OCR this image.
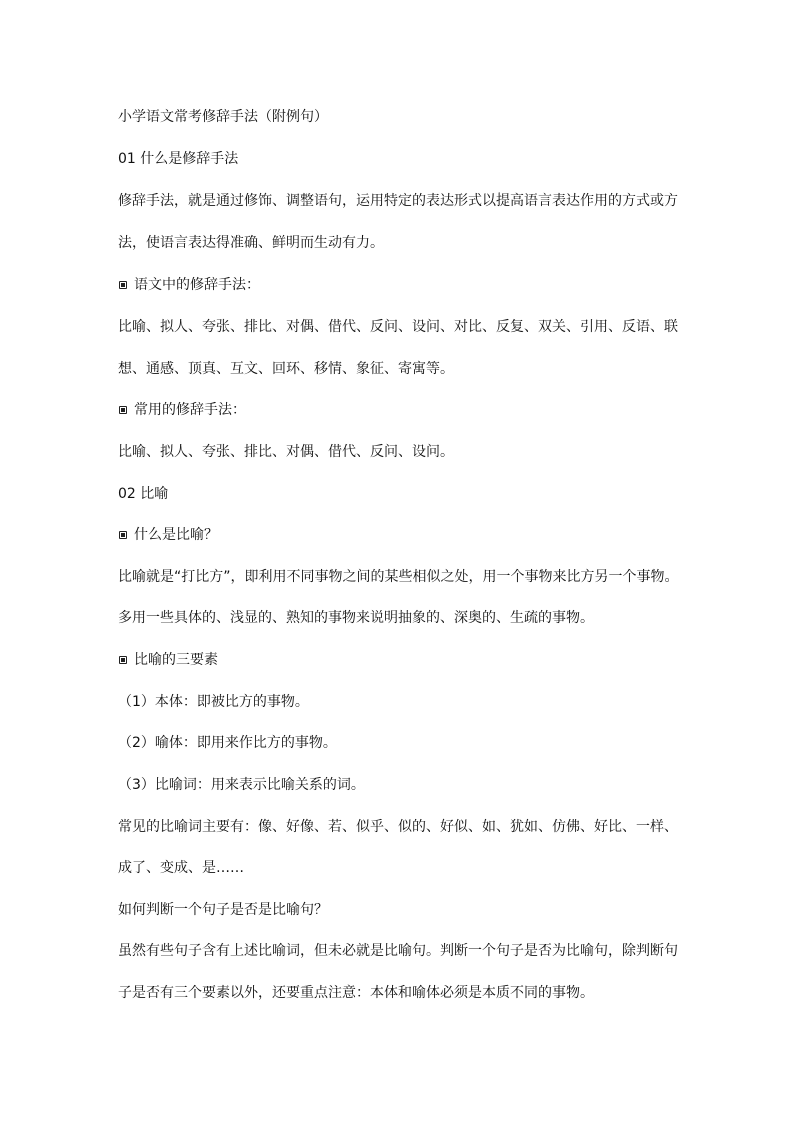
小学语文常考修辞手法（附例句）
01 什么是修辞手法
修辞手法，就是通过修饰、调整语句，运用特定的表达形式以提高语言表达作用的方式或方
法，使语言表达得准确、鲜明而生动有力。
语文中的修辞手法：
比喻、拟人、夸张、排比、对偶、借代、反问、设问、对比、反复、双关、引用、反语、联
想、通感、顶真、互文、回环、移情、象征、寄寓等。
常用的修辞手法：
比喻、拟人、夸张、排比、对偶、借代、反问、设问。
02 比喻
什么是比喻？
比喻就是“打比方”，即利用不同事物之间的某些相似之处，用一个事物来比方另一个事物。
多用一些具体的、浅显的、熟知的事物来说明抽象的、深奥的、生疏的事物。
比喻的三要素
（1）本体：即被比方的事物。
（2）喻体：即用来作比方的事物。
（3）比喻词：用来表示比喻关系的词。
常见的比喻词主要有：像、好像、若、似乎、似的、好似、如、犹如、仿佛、好比、一样、
成了、变成、是……
如何判断一个句子是否是比喻句？
虽然有些句子含有上述比喻词，但未必就是比喻句。判断一个句子是否为比喻句，除判断句
子是否有三个要素以外，还要重点注意：本体和喻体必须是本质不同的事物。
